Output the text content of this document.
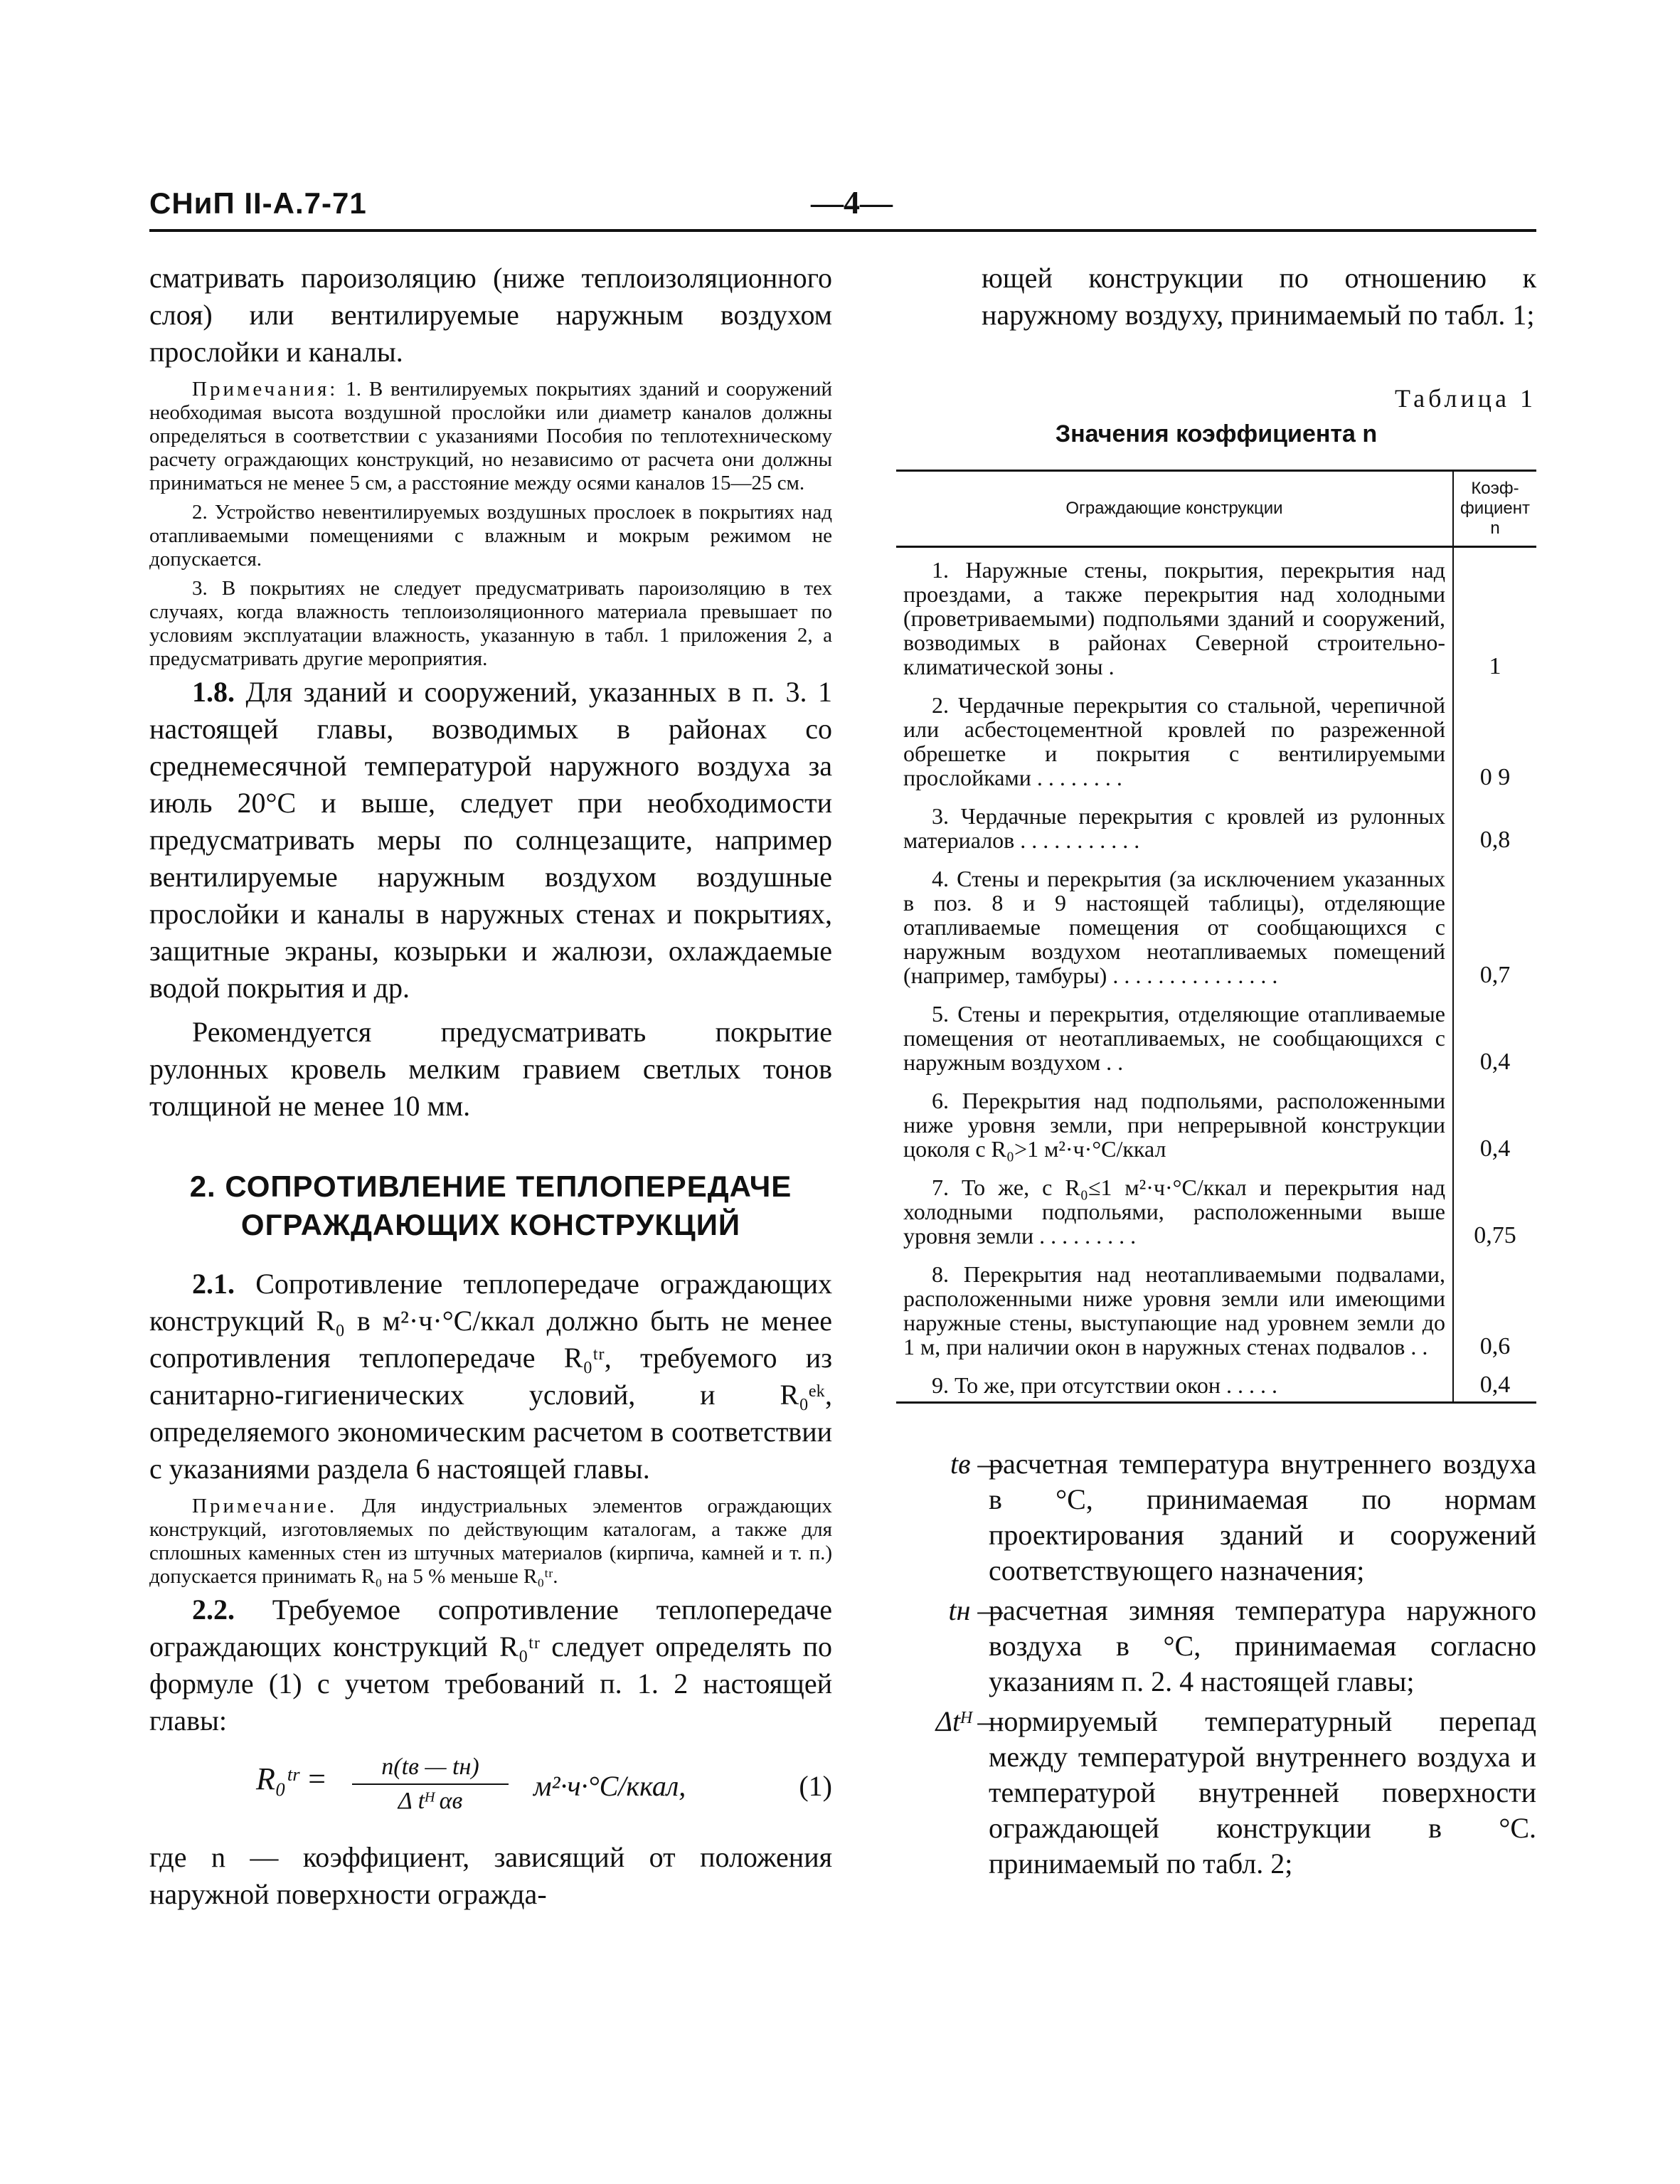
СНиП II-А.7-71	—4—

сматривать пароизоляцию (ниже теплоизоляционного слоя) или вентилируемые наружным воздухом прослойки и каналы.

Примечания: 1. В вентилируемых покрытиях зданий и сооружений необходимая высота воздушной прослойки или диаметр каналов должны определяться в соответствии с указаниями Пособия по теплотехническому расчету ограждающих конструкций, но независимо от расчета они должны приниматься не менее 5 см, а расстояние между осями каналов 15—25 см.

2. Устройство невентилируемых воздушных прослоек в покрытиях над отапливаемыми помещениями с влажным и мокрым режимом не допускается.

3. В покрытиях не следует предусматривать пароизоляцию в тех случаях, когда влажность теплоизоляционного материала превышает по условиям эксплуатации влажность, указанную в табл. 1 приложения 2, а предусматривать другие мероприятия.

1.8. Для зданий и сооружений, указанных в п. 3. 1 настоящей главы, возводимых в районах со среднемесячной температурой наружного воздуха за июль 20°С и выше, следует при необходимости предусматривать меры по солнцезащите, например вентилируемые наружным воздухом воздушные прослойки и каналы в наружных стенах и покрытиях, защитные экраны, козырьки и жалюзи, охлаждаемые водой покрытия и др.

Рекомендуется предусматривать покрытие рулонных кровель мелким гравием светлых тонов толщиной не менее 10 мм.

2. СОПРОТИВЛЕНИЕ ТЕПЛОПЕРЕДАЧЕ
ОГРАЖДАЮЩИХ КОНСТРУКЦИЙ

2.1. Сопротивление теплопередаче ограждающих конструкций R₀ в м²·ч·°С/ккал должно быть не менее сопротивления теплопередаче R₀ᵗʳ, требуемого из санитарно-гигиенических условий, и R₀ᵉᵏ, определяемого экономическим расчетом в соответствии с указаниями раздела 6 настоящей главы.

Примечание. Для индустриальных элементов ограждающих конструкций, изготовляемых по действующим каталогам, а также для сплошных каменных стен из штучных материалов (кирпича, камней и т. п.) допускается принимать R₀ на 5 % меньше R₀ᵗʳ.

2.2. Требуемое сопротивление теплопередаче ограждающих конструкций R₀ᵗʳ следует определять по формуле (1) с учетом требований п. 1. 2 настоящей главы:

R₀ᵗʳ =	n(tв — tн)
Δ tᴴ αв	м²·ч·°С/ккал,	(1)

где n — коэффициент, зависящий от положения наружной поверхности огражда-

ющей конструкции по отношению к наружному воздуху, принимаемый по табл. 1;

Таблица 1
Значения коэффициента n
Ограждающие конструкции	Коэффициент n
1. Наружные стены, покрытия, перекрытия над проездами, а также перекрытия над холодными (проветриваемыми) подпольями зданий и сооружений, возводимых в районах Северной строительно-климатической зоны .	1
2. Чердачные перекрытия со стальной, черепичной или асбестоцементной кровлей по разреженной обрешетке и покрытия с вентилируемыми прослойками . . . . . . . .	0 9
3. Чердачные перекрытия с кровлей из рулонных материалов . . . . . . . . . . .	0,8
4. Стены и перекрытия (за исключением указанных в поз. 8 и 9 настоящей таблицы), отделяющие отапливаемые помещения от сообщающихся с наружным воздухом неотапливаемых помещений (например, тамбуры) . . . . . . . . . . . . . . .	0,7
5. Стены и перекрытия, отделяющие отапливаемые помещения от неотапливаемых, не сообщающихся с наружным воздухом . .	0,4
6. Перекрытия над подпольями, расположенными ниже уровня земли, при непрерывной конструкции цоколя с R₀>1 м²·ч·°С/ккал	0,4
7. То же, с R₀≤1 м²·ч·°С/ккал и перекрытия над холодными подпольями, расположенными выше уровня земли . . . . . . . . .	0,75
8. Перекрытия над неотапливаемыми подвалами, расположенными ниже уровня земли или имеющими наружные стены, выступающие над уровнем земли до 1 м, при наличии окон в наружных стенах подвалов . .	0,6
9. То же, при отсутствии окон . . . . .	0,4
tв —
расчетная температура внутреннего воздуха в °С, принимаемая по нормам проектирования зданий и сооружений соответствующего назначения;
tн —
расчетная зимняя температура наружного воздуха в °С, принимаемая согласно указаниям п. 2. 4 настоящей главы;
Δtᴴ —
нормируемый температурный перепад между температурой внутреннего воздуха и температурой внутренней поверхности ограждающей конструкции в °С. принимаемый по табл. 2;
